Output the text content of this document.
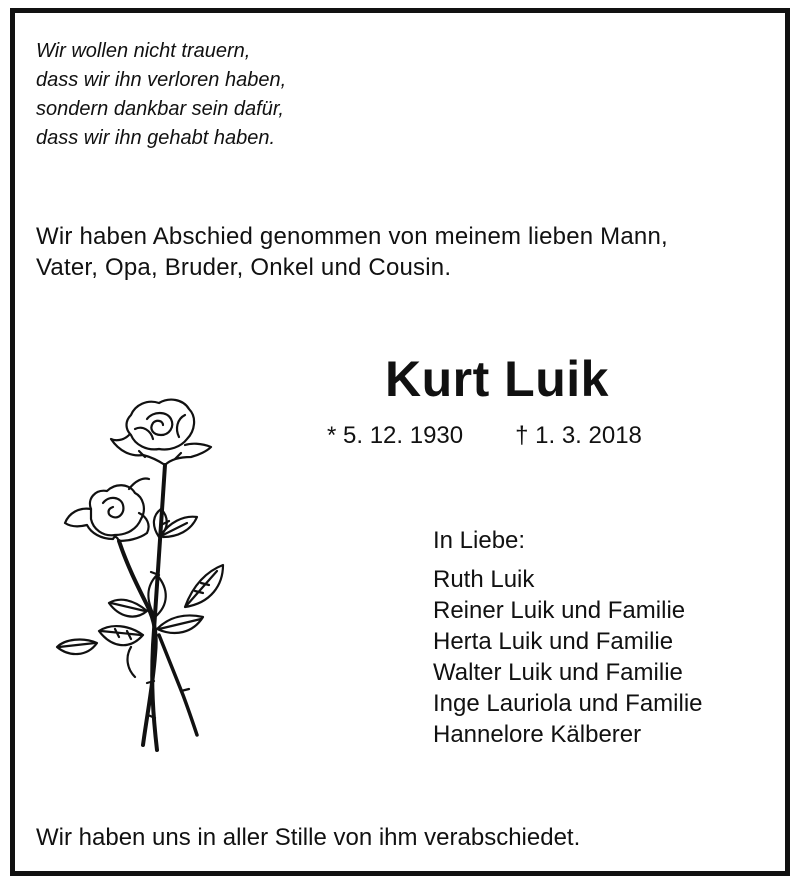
Wir wollen nicht trauern,
dass wir ihn verloren haben,
sondern dankbar sein dafür,
dass wir ihn gehabt haben.
Wir haben Abschied genommen von meinem lieben Mann,
Vater, Opa, Bruder, Onkel und Cousin.
Kurt Luik
* 5. 12. 1930 † 1. 3. 2018
In Liebe:
Ruth Luik
Reiner Luik und Familie
Herta Luik und Familie
Walter Luik und Familie
Inge Lauriola und Familie
Hannelore Kälberer
Wir haben uns in aller Stille von ihm verabschiedet.
